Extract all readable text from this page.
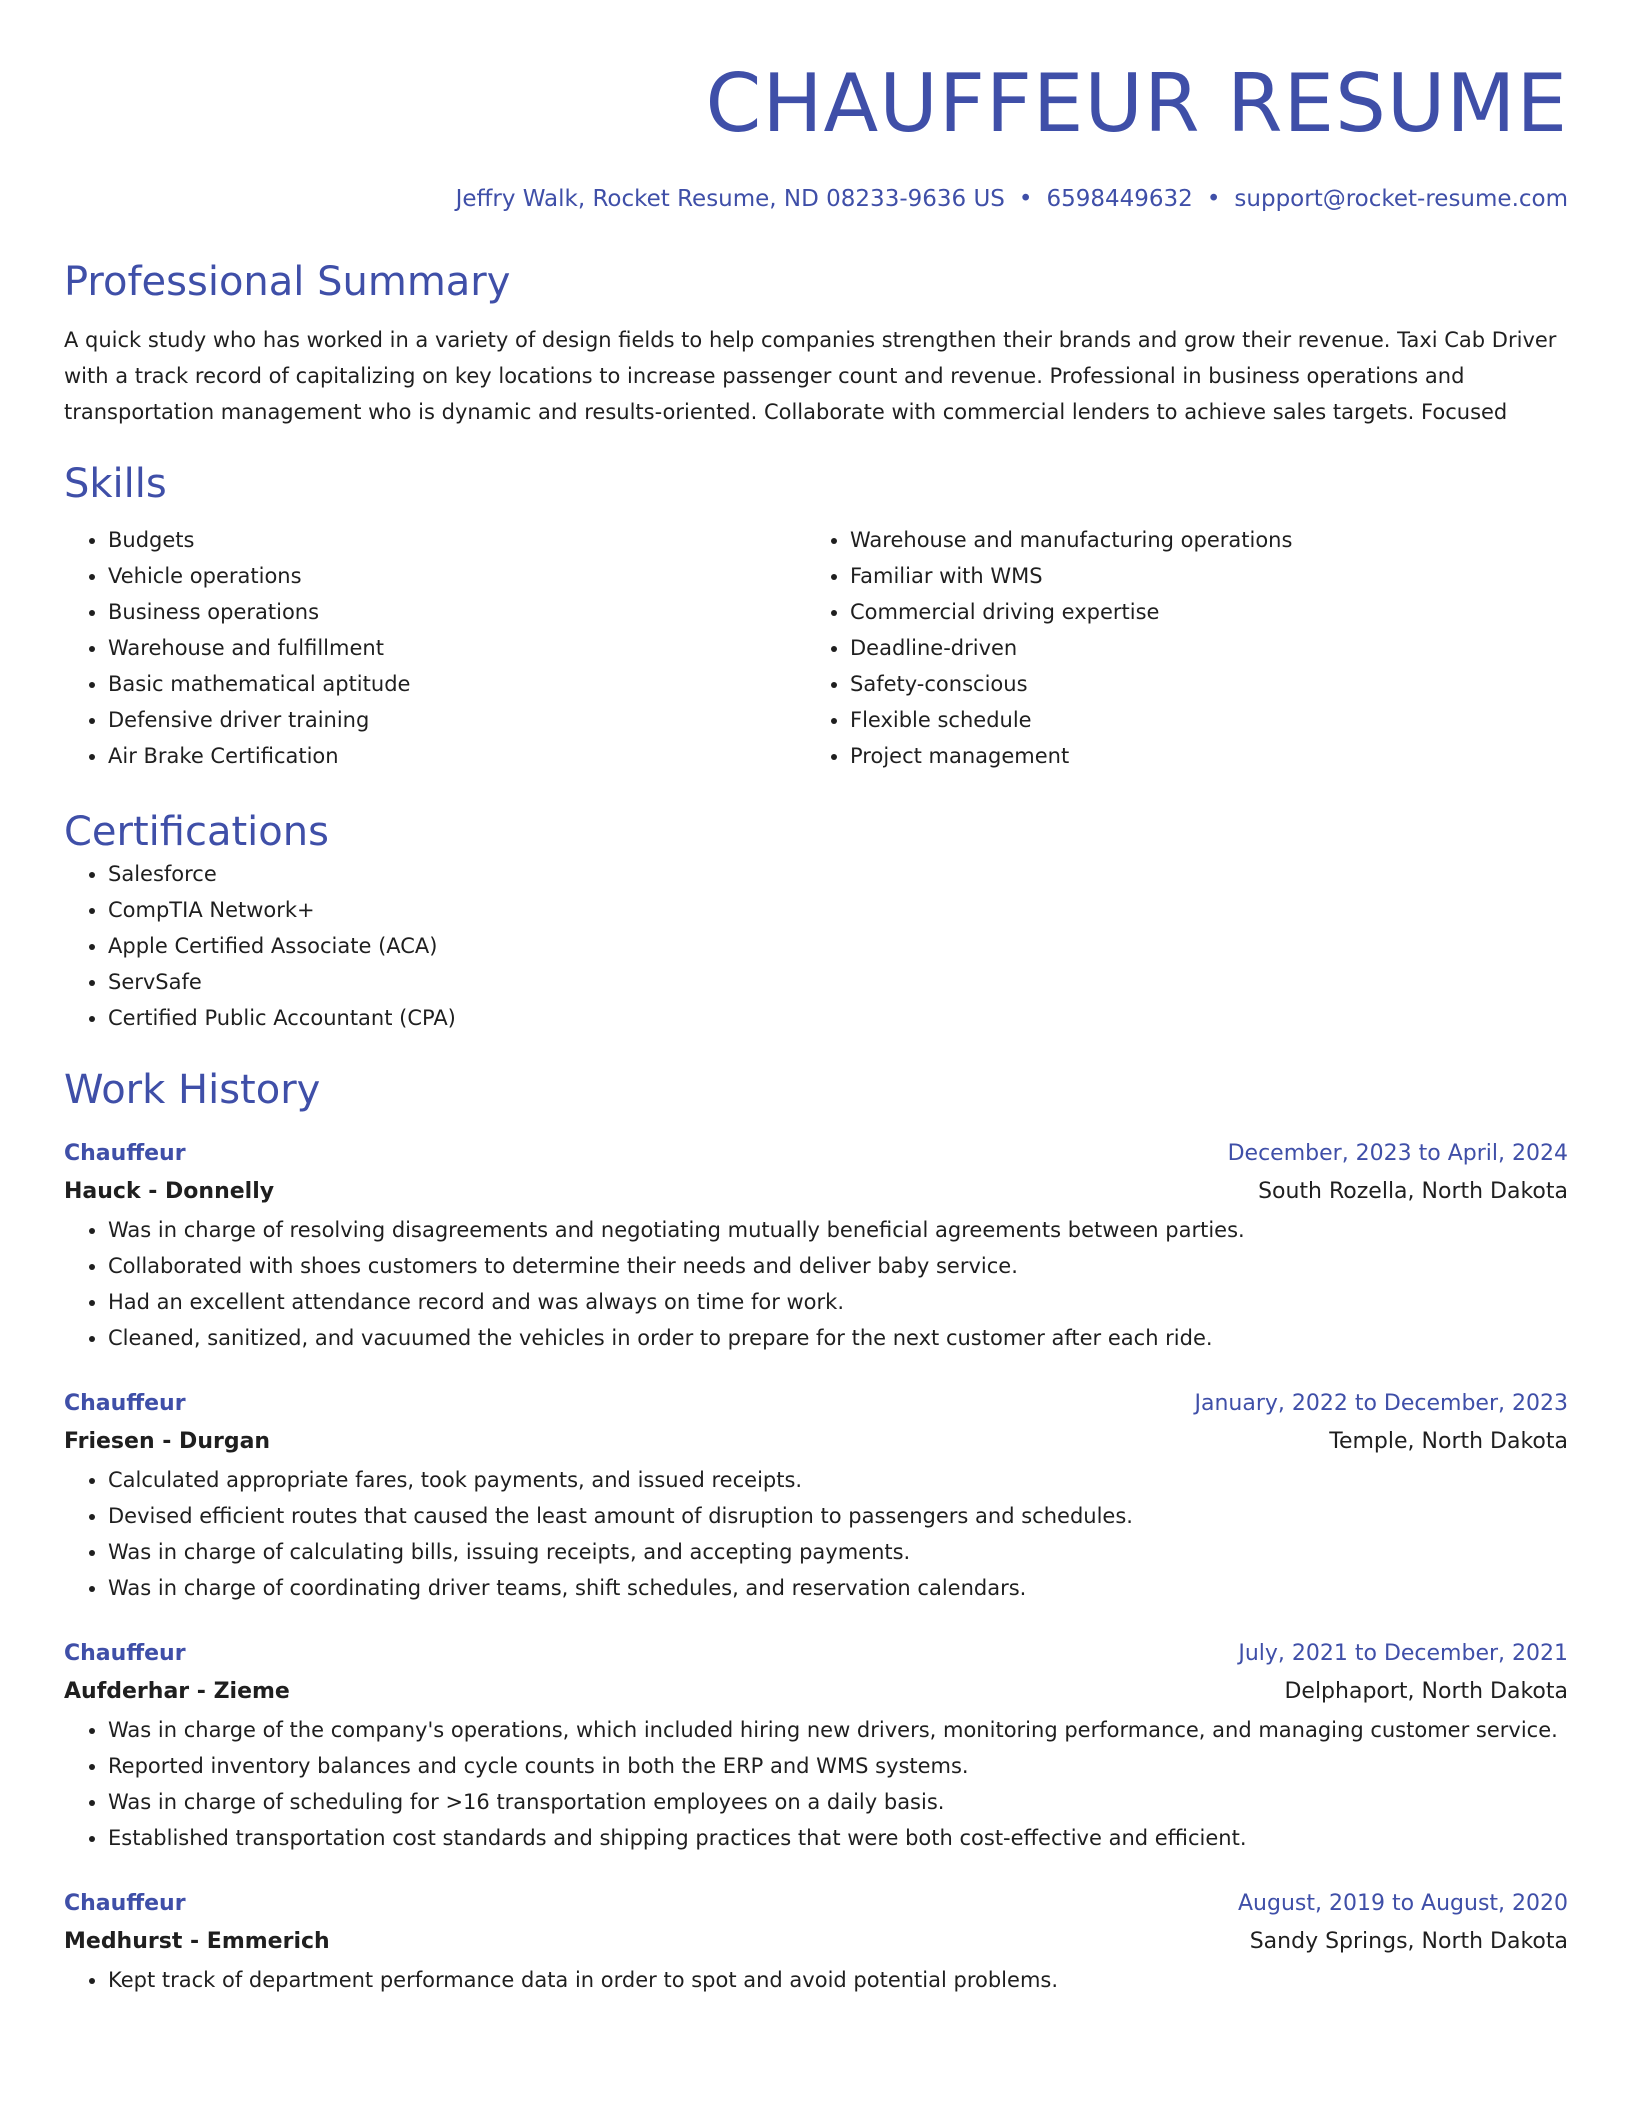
CHAUFFEUR RESUME
Jeffry Walk, Rocket Resume, ND 08233-9636 US • 6598449632 • support@rocket-resume.com
Professional Summary

A quick study who has worked in a variety of design fields to help companies strengthen their brands and grow their revenue. Taxi Cab Driver with a track record of capitalizing on key locations to increase passenger count and revenue. Professional in business operations and transportation management who is dynamic and results-oriented. Collaborate with commercial lenders to achieve sales targets. Focused

Skills
• Budgets
• Vehicle operations
• Business operations
• Warehouse and fulfillment
• Basic mathematical aptitude
• Defensive driver training
• Air Brake Certification
• Warehouse and manufacturing operations
• Familiar with WMS
• Commercial driving expertise
• Deadline-driven
• Safety-conscious
• Flexible schedule
• Project management
Certifications
• Salesforce
• CompTIA Network+
• Apple Certified Associate (ACA)
• ServSafe
• Certified Public Accountant (CPA)
Work History
Chauffeur	December, 2023 to April, 2024
Hauck - Donnelly	South Rozella, North Dakota
• Was in charge of resolving disagreements and negotiating mutually beneficial agreements between parties.
• Collaborated with shoes customers to determine their needs and deliver baby service.
• Had an excellent attendance record and was always on time for work.
• Cleaned, sanitized, and vacuumed the vehicles in order to prepare for the next customer after each ride.
Chauffeur	January, 2022 to December, 2023
Friesen - Durgan	Temple, North Dakota
• Calculated appropriate fares, took payments, and issued receipts.
• Devised efficient routes that caused the least amount of disruption to passengers and schedules.
• Was in charge of calculating bills, issuing receipts, and accepting payments.
• Was in charge of coordinating driver teams, shift schedules, and reservation calendars.
Chauffeur	July, 2021 to December, 2021
Aufderhar - Zieme	Delphaport, North Dakota
• Was in charge of the company's operations, which included hiring new drivers, monitoring performance, and managing customer service.
• Reported inventory balances and cycle counts in both the ERP and WMS systems.
• Was in charge of scheduling for >16 transportation employees on a daily basis.
• Established transportation cost standards and shipping practices that were both cost-effective and efficient.
Chauffeur	August, 2019 to August, 2020
Medhurst - Emmerich	Sandy Springs, North Dakota
• Kept track of department performance data in order to spot and avoid potential problems.
